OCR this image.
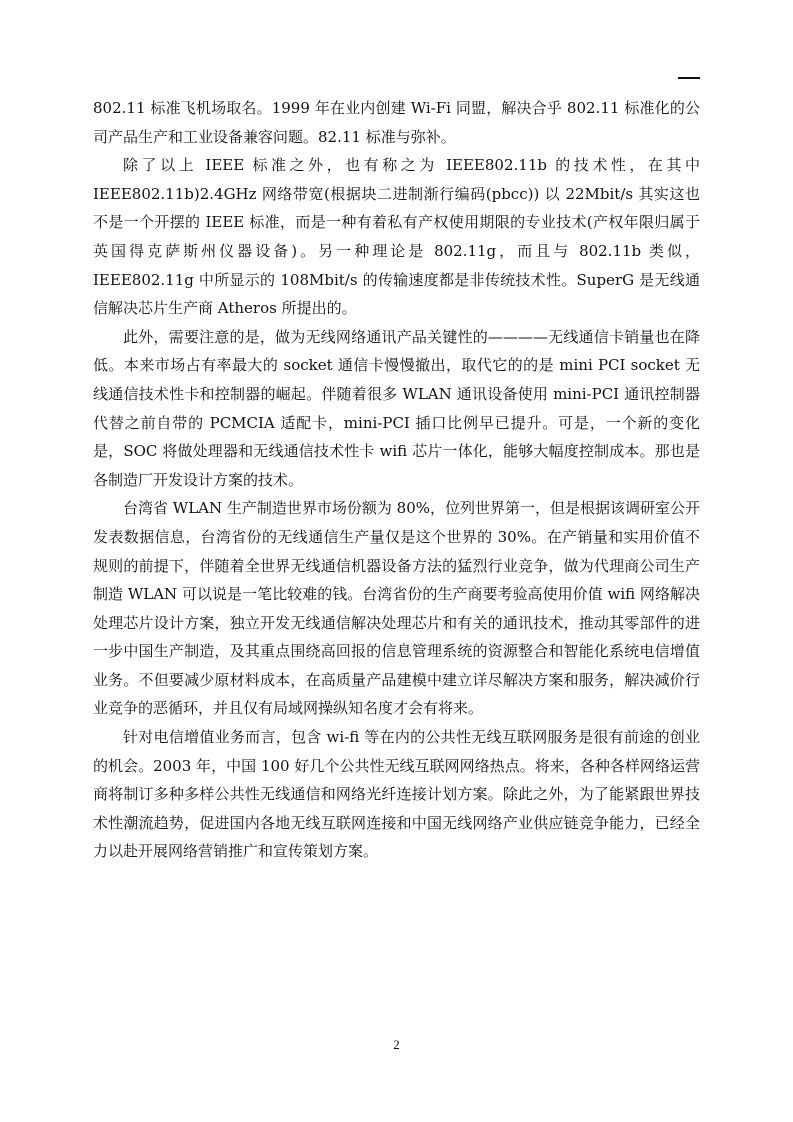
802.11 标准飞机场取名。1999 年在业内创建 Wi-Fi 同盟，解决合乎 802.11 标准化的公司产品生产和工业设备兼容问题。82.11 标准与弥补。

除了以上 IEEE 标准之外，也有称之为 IEEE802.11b 的技术性，在其中 IEEE802.11b)2.4GHz 网络带宽(根据块二进制渐行编码(pbcc)) 以 22Mbit/s 其实这也不是一个开摆的 IEEE 标准，而是一种有着私有产权使用期限的专业技术(产权年限归属于英国得克萨斯州仪器设备)。另一种理论是 802.11g，而且与 802.11b 类似，IEEE802.11g 中所显示的 108Mbit/s 的传输速度都是非传统技术性。SuperG 是无线通信解决芯片生产商 Atheros 所提出的。

此外，需要注意的是，做为无线网络通讯产品关键性的————无线通信卡销量也在降低。本来市场占有率最大的 socket 通信卡慢慢撤出，取代它的的是 mini PCI socket 无线通信技术性卡和控制器的崛起。伴随着很多 WLAN 通讯设备使用 mini-PCI 通讯控制器代替之前自带的 PCMCIA 适配卡，mini-PCI 插口比例早已提升。可是，一个新的变化是，SOC 将做处理器和无线通信技术性卡 wifi 芯片一体化，能够大幅度控制成本。那也是各制造厂开发设计方案的技术。

台湾省 WLAN 生产制造世界市场份额为 80%，位列世界第一，但是根据该调研室公开发表数据信息，台湾省份的无线通信生产量仅是这个世界的 30%。在产销量和实用价值不规则的前提下，伴随着全世界无线通信机器设备方法的猛烈行业竞争，做为代理商公司生产制造 WLAN 可以说是一笔比较难的钱。台湾省份的生产商要考验高使用价值 wifi 网络解决处理芯片设计方案，独立开发无线通信解决处理芯片和有关的通讯技术，推动其零部件的进一步中国生产制造，及其重点围绕高回报的信息管理系统的资源整合和智能化系统电信增值业务。不但要减少原材料成本，在高质量产品建模中建立详尽解决方案和服务，解决减价行业竞争的恶循环，并且仅有局域网操纵知名度才会有将来。

针对电信增值业务而言，包含 wi-fi 等在内的公共性无线互联网服务是很有前途的创业的机会。2003 年，中国 100 好几个公共性无线互联网网络热点。将来，各种各样网络运营商将制订多种多样公共性无线通信和网络光纤连接计划方案。除此之外，为了能紧跟世界技术性潮流趋势，促进国内各地无线互联网连接和中国无线网络产业供应链竞争能力，已经全力以赴开展网络营销推广和宣传策划方案。

2
